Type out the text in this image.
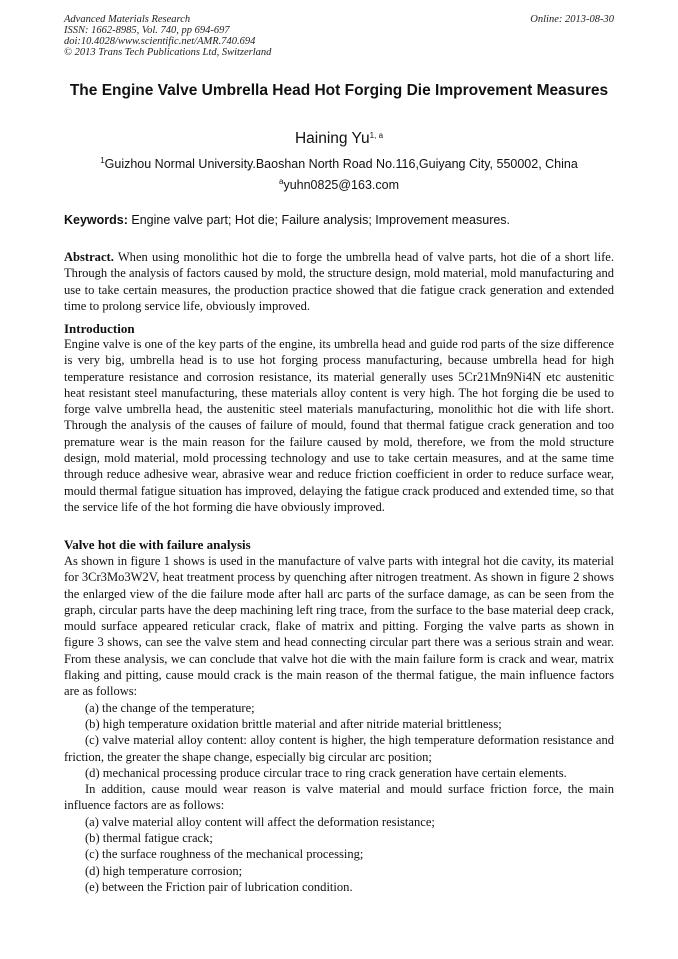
Advanced Materials Research
ISSN: 1662-8985, Vol. 740, pp 694-697
doi:10.4028/www.scientific.net/AMR.740.694
© 2013 Trans Tech Publications Ltd, Switzerland
Online: 2013-08-30
The Engine Valve Umbrella Head Hot Forging Die Improvement Measures
Haining Yu$^{1, a}$
$^1$Guizhou Normal University.Baoshan North Road No.116,Guiyang City, 550002, China
$^a$yuhn0825@163.com
Keywords: Engine valve part; Hot die; Failure analysis; Improvement measures.
Abstract. When using monolithic hot die to forge the umbrella head of valve parts, hot die of a short life. Through the analysis of factors caused by mold, the structure design, mold material, mold manufacturing and use to take certain measures, the production practice showed that die fatigue crack generation and extended time to prolong service life, obviously improved.
Introduction
Engine valve is one of the key parts of the engine, its umbrella head and guide rod parts of the size difference is very big, umbrella head is to use hot forging process manufacturing, because umbrella head for high temperature resistance and corrosion resistance, its material generally uses 5Cr21Mn9Ni4N etc austenitic heat resistant steel manufacturing, these materials alloy content is very high. The hot forging die be used to forge valve umbrella head, the austenitic steel materials manufacturing, monolithic hot die with life short. Through the analysis of the causes of failure of mould, found that thermal fatigue crack generation and too premature wear is the main reason for the failure caused by mold, therefore, we from the mold structure design, mold material, mold processing technology and use to take certain measures, and at the same time through reduce adhesive wear, abrasive wear and reduce friction coefficient in order to reduce surface wear, mould thermal fatigue situation has improved, delaying the fatigue crack produced and extended time, so that the service life of the hot forming die have obviously improved.
Valve hot die with failure analysis

As shown in figure 1 shows is used in the manufacture of valve parts with integral hot die cavity, its material for 3Cr3Mo3W2V, heat treatment process by quenching after nitrogen treatment. As shown in figure 2 shows the enlarged view of the die failure mode after hall arc parts of the surface damage, as can be seen from the graph, circular parts have the deep machining left ring trace, from the surface to the base material deep crack, mould surface appeared reticular crack, flake of matrix and pitting. Forging the valve parts as shown in figure 3 shows, can see the valve stem and head connecting circular part there was a serious strain and wear. From these analysis, we can conclude that valve hot die with the main failure form is crack and wear, matrix flaking and pitting, cause mould crack is the main reason of the thermal fatigue, the main influence factors are as follows:

(a) the change of the temperature;

(b) high temperature oxidation brittle material and after nitride material brittleness;

(c) valve material alloy content: alloy content is higher, the high temperature deformation resistance and friction, the greater the shape change, especially big circular arc position;

(d) mechanical processing produce circular trace to ring crack generation have certain elements.

In addition, cause mould wear reason is valve material and mould surface friction force, the main influence factors are as follows:

(a) valve material alloy content will affect the deformation resistance;

(b) thermal fatigue crack;

(c) the surface roughness of the mechanical processing;

(d) high temperature corrosion;

(e) between the Friction pair of lubrication condition.
